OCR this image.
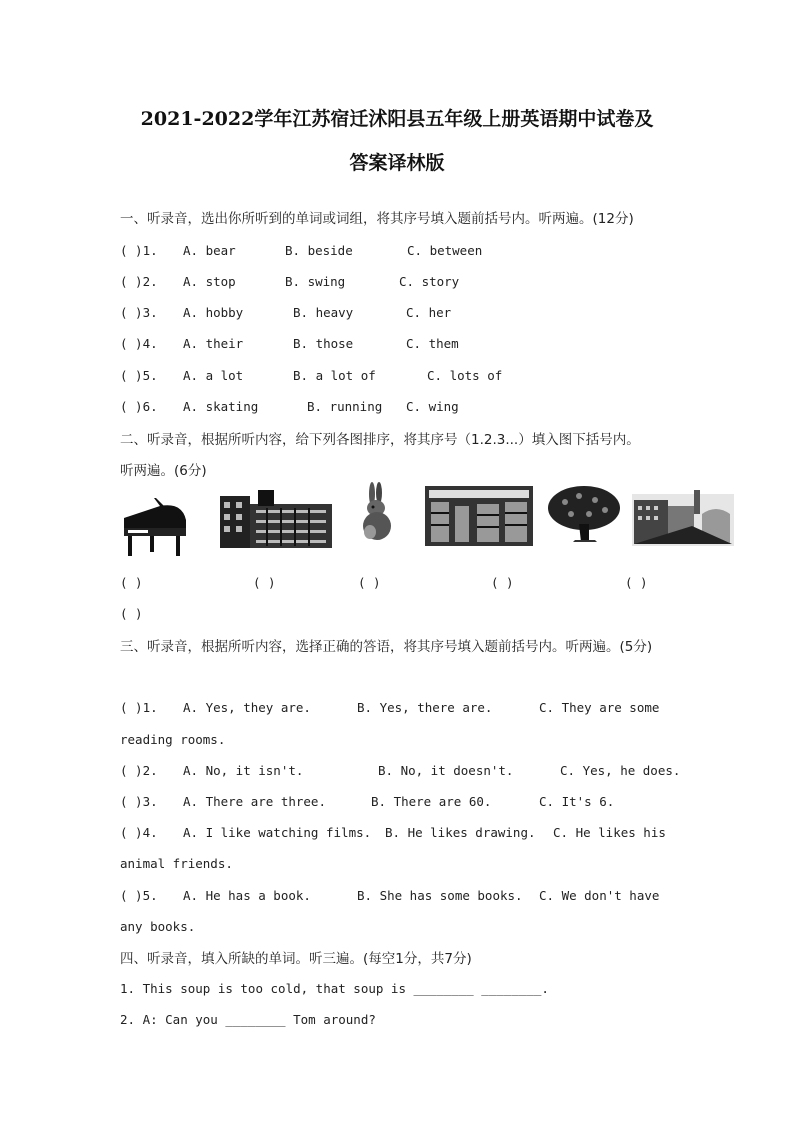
2021-2022学年江苏宿迁沭阳县五年级上册英语期中试卷及
答案译林版
一、听录音，选出你所听到的单词或词组，将其序号填入题前括号内。听两遍。(12分)
( )1. A. bear	B. beside	C. between
( )2. A. stop	B. swing	C. story
( )3. A. hobby	B. heavy	C. her
( )4. A. their	B. those	C. them
( )5. A. a lot	B. a lot of	C. lots of
( )6. A. skating	B. running C. wing
二、听录音，根据所听内容，给下列各图排序，将其序号（1.2.3...）填入图下括号内。
听两遍。(6分)
( )	( )	( )	( )	( )
( )
三、听录音，根据所听内容，选择正确的答语，将其序号填入题前括号内。听两遍。(5分)
( )1. A. Yes, they are.	B. Yes, there are.	C. They are some
reading rooms.
( )2. A. No, it isn't.	B. No, it doesn't.	C. Yes, he does.
( )3. A. There are three.	B. There are 60.	C. It's 6.
( )4. A. I like watching films. B. He likes drawing. C. He likes his
animal friends.
( )5. A. He has a book.	B. She has some books. C. We don't have
any books.
四、听录音，填入所缺的单词。听三遍。(每空1分，共7分)
1. This soup is too cold, that soup is ________ ________.
2. A: Can you ________ Tom around?
